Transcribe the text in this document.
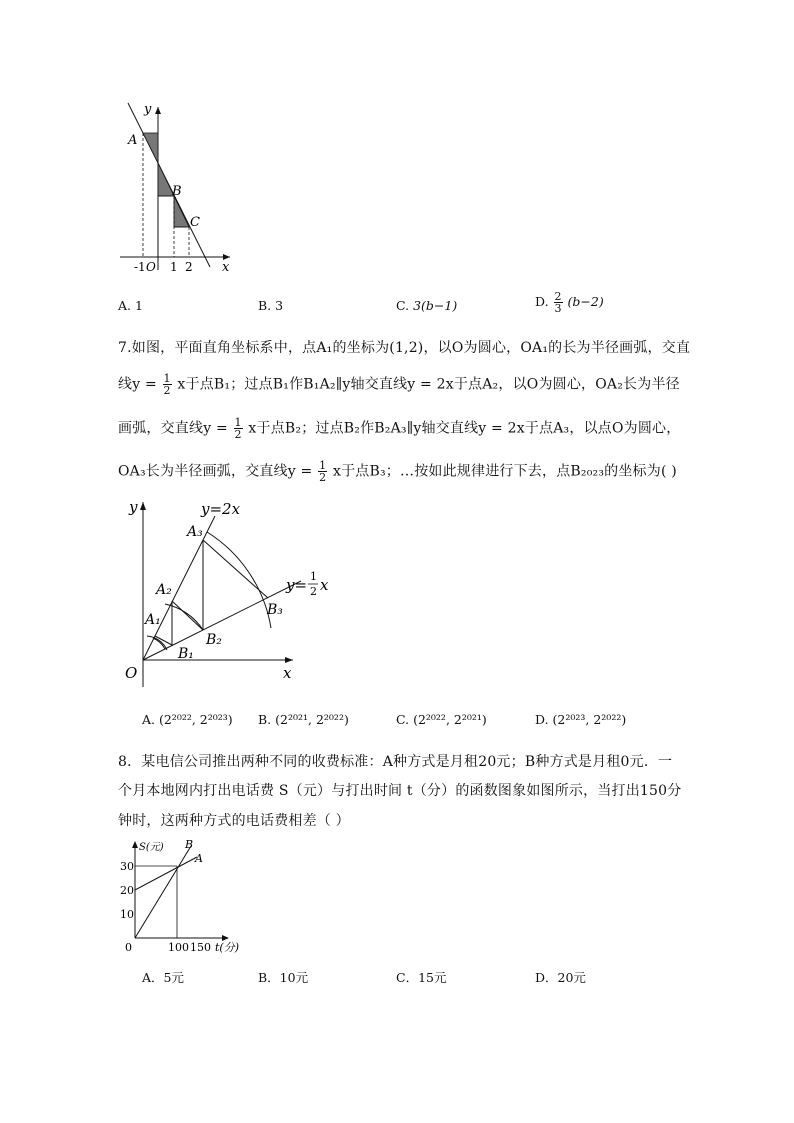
y
A
B
C
-1 O 1 2 x
A. 1	B. 3	C. 3(b−1)	D. $\frac{2}{3} (b-2)$
7.如图，平面直角坐标系中，点A₁的坐标为(1,2)，以O为圆心，OA₁的长为半径画弧，交直
线$y = \frac{1}{2}$ x于点B₁；过点B₁作B₁A₂∥y轴交直线y = 2x于点A₂，以O为圆心，OA₂长为半径
画弧，交直线$y = \frac{1}{2}$ x于点B₂；过点B₂作B₂A₃∥y轴交直线y = 2x于点A₃，以点O为圆心，
OA₃长为半径画弧，交直线$y = \frac{1}{2}$ x于点B₃；…按如此规律进行下去，点B₂₀₂₃的坐标为( )
y
x
O
y=2x
y= 1
2 x
A₁
A₂
A₃
B₁
B₂
B₃
A. (2²⁰²², 2²⁰²³) B. (2²⁰²¹, 2²⁰²²)	C. (2²⁰²², 2²⁰²¹)	D. (2²⁰²³, 2²⁰²²)
8．某电信公司推出两种不同的收费标准：A种方式是月租20元；B种方式是月租0元．一
个月本地网内打出电话费 S（元）与打出时间 t（分）的函数图象如图所示，当打出150分
钟时，这两种方式的电话费相差（ ）
S(元) B
A
30
20
10
0	100 150 t(分)
A．5元	B．10元	C．15元	D．20元
